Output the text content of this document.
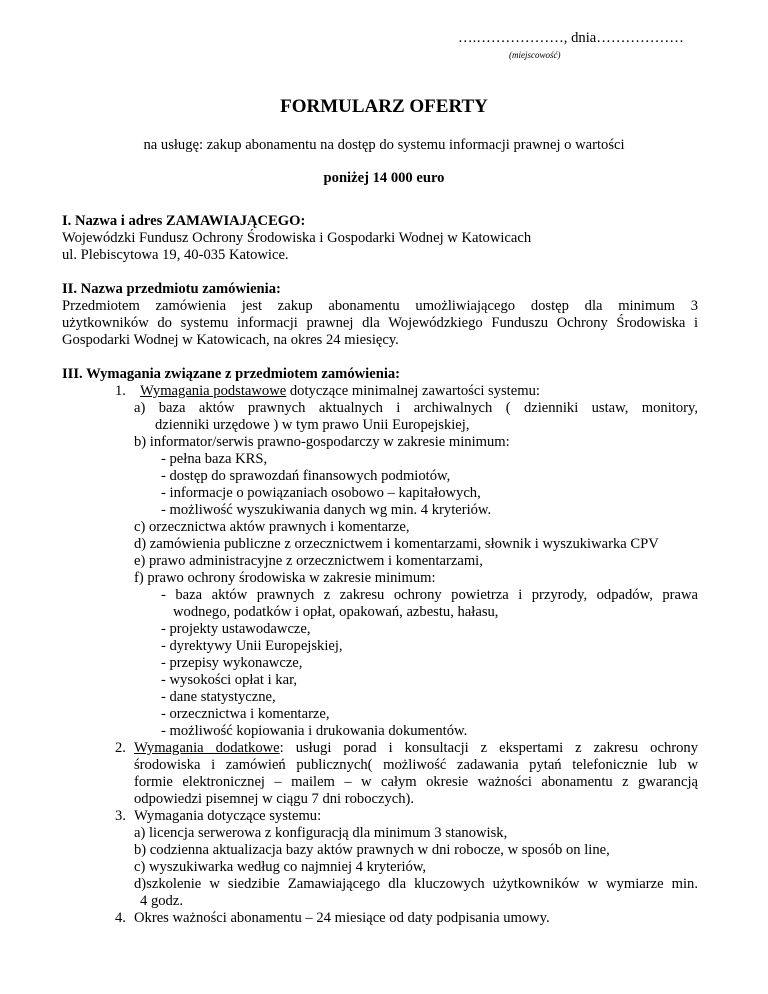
….………………, dnia………………
(miejscowość)
FORMULARZ OFERTY
na usługę: zakup abonamentu na dostęp do systemu informacji prawnej o wartości
poniżej 14 000 euro
I. Nazwa i adres ZAMAWIAJĄCEGO:
Wojewódzki Fundusz Ochrony Środowiska i Gospodarki Wodnej w Katowicach
ul. Plebiscytowa 19, 40-035 Katowice.
II. Nazwa przedmiotu zamówienia:
Przedmiotem zamówienia jest zakup abonamentu umożliwiającego dostęp dla minimum 3
użytkowników do systemu informacji prawnej dla Wojewódzkiego Funduszu Ochrony Środowiska i
Gospodarki Wodnej w Katowicach, na okres 24 miesięcy.
III. Wymagania związane z przedmiotem zamówienia:
1. Wymagania podstawowe dotyczące minimalnej zawartości systemu:
a) baza aktów prawnych aktualnych i archiwalnych ( dzienniki ustaw, monitory,
dzienniki urzędowe ) w tym prawo Unii Europejskiej,
b) informator/serwis prawno-gospodarczy w zakresie minimum:
- pełna baza KRS,
- dostęp do sprawozdań finansowych podmiotów,
- informacje o powiązaniach osobowo – kapitałowych,
- możliwość wyszukiwania danych wg min. 4 kryteriów.
c) orzecznictwa aktów prawnych i komentarze,
d) zamówienia publiczne z orzecznictwem i komentarzami, słownik i wyszukiwarka CPV
e) prawo administracyjne z orzecznictwem i komentarzami,
f) prawo ochrony środowiska w zakresie minimum:
- baza aktów prawnych z zakresu ochrony powietrza i przyrody, odpadów, prawa
wodnego, podatków i opłat, opakowań, azbestu, hałasu,
- projekty ustawodawcze,
- dyrektywy Unii Europejskiej,
- przepisy wykonawcze,
- wysokości opłat i kar,
- dane statystyczne,
- orzecznictwa i komentarze,
- możliwość kopiowania i drukowania dokumentów.
2. Wymagania dodatkowe: usługi porad i konsultacji z ekspertami z zakresu ochrony
środowiska i zamówień publicznych( możliwość zadawania pytań telefonicznie lub w
formie elektronicznej – mailem – w całym okresie ważności abonamentu z gwarancją
odpowiedzi pisemnej w ciągu 7 dni roboczych).
3. Wymagania dotyczące systemu:
a) licencja serwerowa z konfiguracją dla minimum 3 stanowisk,
b) codzienna aktualizacja bazy aktów prawnych w dni robocze, w sposób on line,
c) wyszukiwarka według co najmniej 4 kryteriów,
d)szkolenie w siedzibie Zamawiającego dla kluczowych użytkowników w wymiarze min.
4 godz.
4. Okres ważności abonamentu – 24 miesiące od daty podpisania umowy.
